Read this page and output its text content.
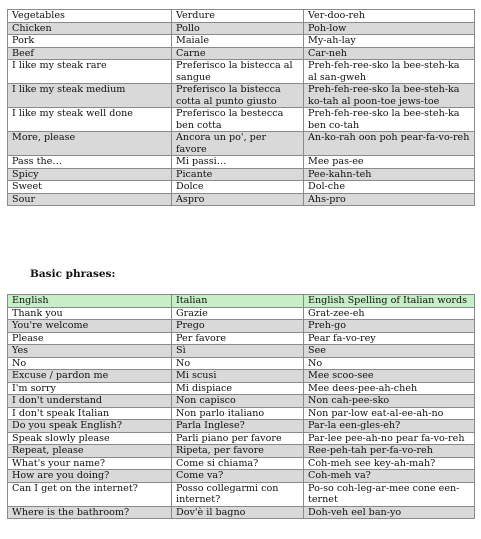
Vegetables	Verdure	Ver-doo-reh
Chicken	Pollo	Poh-low
Pork	Maiale	My-ah-lay
Beef	Carne	Car-neh
I like my steak rare	Preferisco la bistecca al sangue	Preh-feh-ree-sko la bee-steh-ka al san-gweh
I like my steak medium	Preferisco la bistecca cotta al punto giusto	Preh-feh-ree-sko la bee-steh-ka ko-tah al poon-toe jews-toe
I like my steak well done	Preferisco la bestecca ben cotta	Preh-feh-ree-sko la bee-steh-ka ben co-tah
More, please	Ancora un po', per favore	An-ko-rah oon poh pear-fa-vo-reh
Pass the…	Mi passi…	Mee pas-ee
Spicy	Picante	Pee-kahn-teh
Sweet	Dolce	Dol-che
Sour	Aspro	Ahs-pro
Basic phrases:
English	Italian	English Spelling of Italian words
Thank you	Grazie	Grat-zee-eh
You're welcome	Prego	Preh-go
Please	Per favore	Pear fa-vo-rey
Yes	Sì	See
No	No	No
Excuse / pardon me	Mi scusi	Mee scoo-see
I'm sorry	Mi dispiace	Mee dees-pee-ah-cheh
I don't understand	Non capisco	Non cah-pee-sko
I don't speak Italian	Non parlo italiano	Non par-low eat-al-ee-ah-no
Do you speak English?	Parla Inglese?	Par-la een-gles-eh?
Speak slowly please	Parli piano per favore	Par-lee pee-ah-no pear fa-vo-reh
Repeat, please	Ripeta, per favore	Ree-peh-tah per-fa-vo-reh
What's your name?	Come si chiama?	Coh-meh see key-ah-mah?
How are you doing?	Come va?	Coh-meh va?
Can I get on the internet?	Posso collegarmi con internet?	Po-so coh-leg-ar-mee cone een-ternet
Where is the bathroom?	Dov'è il bagno	Doh-veh eel ban-yo
